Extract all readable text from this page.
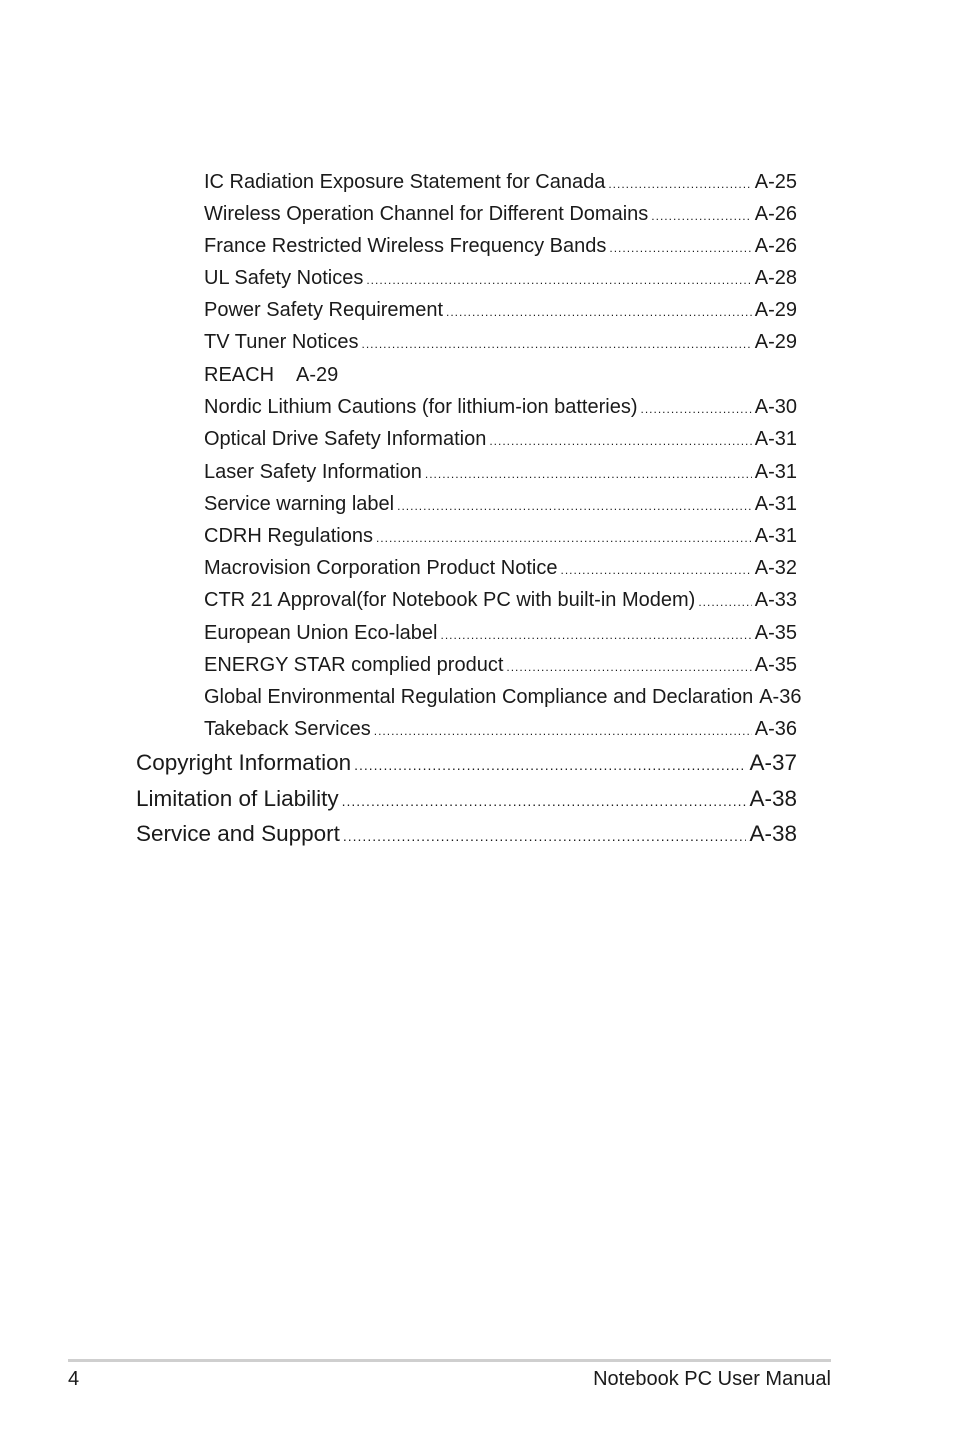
IC Radiation Exposure Statement for Canada .....	A-25
Wireless Operation Channel for Different Domains .....	A-26
France Restricted Wireless Frequency Bands .....	A-26
UL Safety Notices .....	A-28
Power Safety Requirement .....	A-29
TV Tuner Notices .....	A-29
REACH A-29
Nordic Lithium Cautions (for lithium-ion batteries) .....	A-30
Optical Drive Safety Information .....	A-31
Laser Safety Information .....	A-31
Service warning label .....	A-31
CDRH Regulations .....	A-31
Macrovision Corporation Product Notice .....	A-32
CTR 21 Approval(for Notebook PC with built-in Modem) .....	A-33
European Union Eco-label .....	A-35
ENERGY STAR complied product .....	A-35
Global Environmental Regulation Compliance and Declaration A-36
Takeback Services .....	A-36
Copyright Information .....	A-37
Limitation of Liability .....	A-38
Service and Support .....	A-38
4	Notebook PC User Manual
